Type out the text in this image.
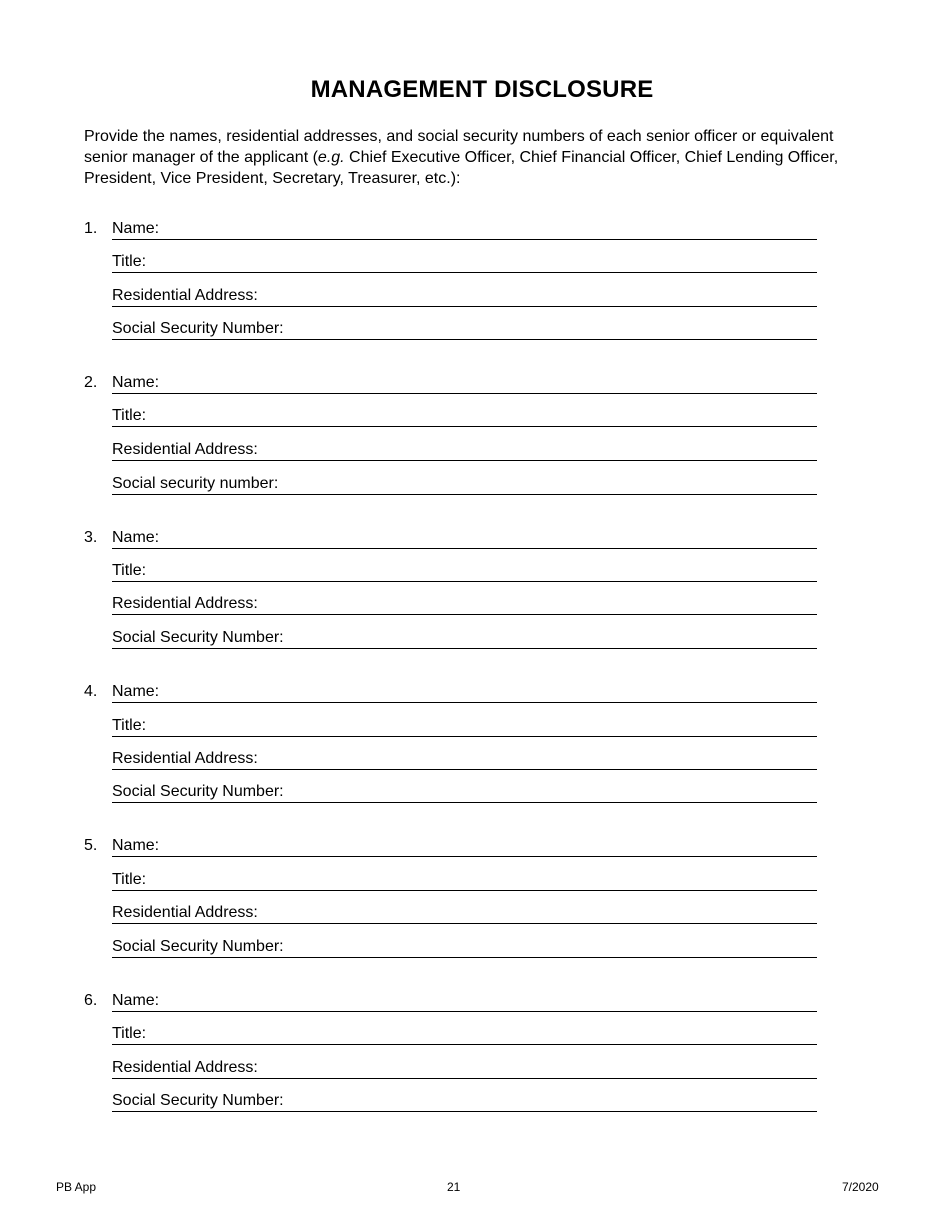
MANAGEMENT DISCLOSURE
Provide the names, residential addresses, and social security numbers of each senior officer or equivalent senior manager of the applicant (e.g. Chief Executive Officer, Chief Financial Officer, Chief Lending Officer, President, Vice President, Secretary, Treasurer, etc.):
1. Name:
Title:
Residential Address:
Social Security Number:
2. Name:
Title:
Residential Address:
Social security number:
3. Name:
Title:
Residential Address:
Social Security Number:
4. Name:
Title:
Residential Address:
Social Security Number:
5. Name:
Title:
Residential Address:
Social Security Number:
6. Name:
Title:
Residential Address:
Social Security Number:
PB App	21	7/2020
